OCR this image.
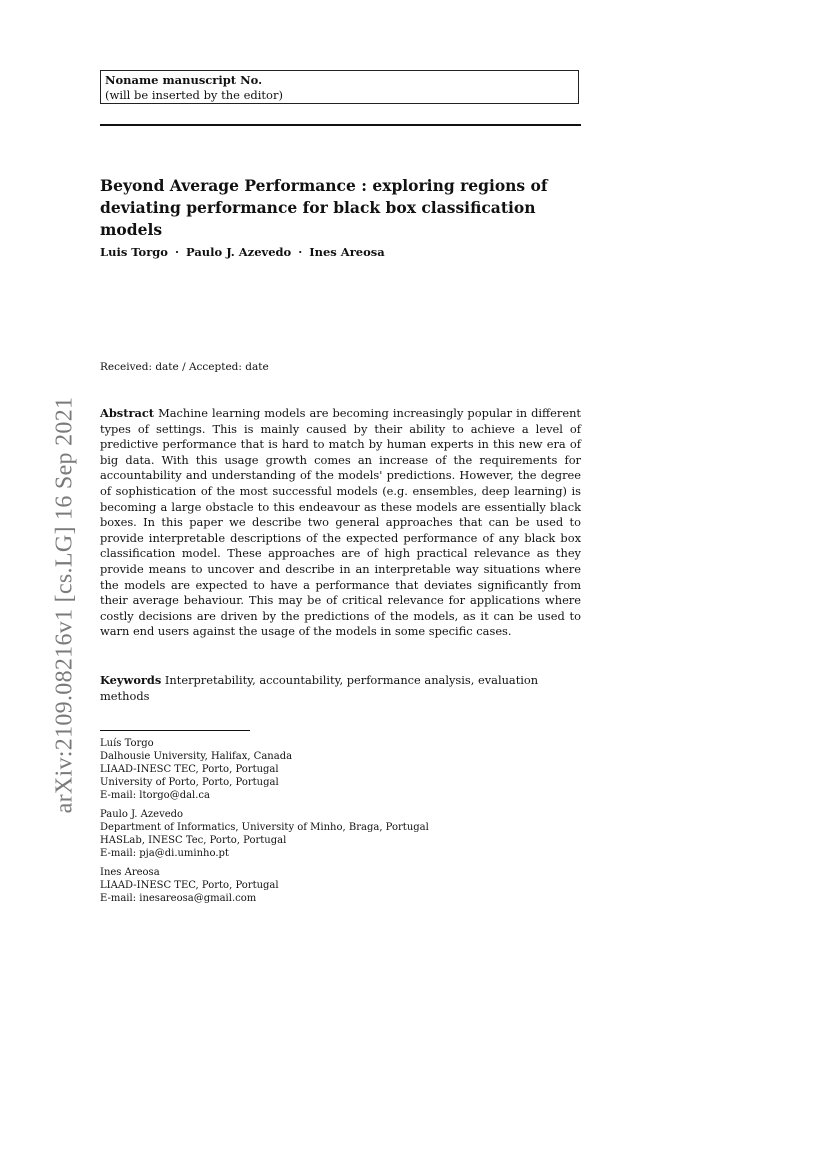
Noname manuscript No.
(will be inserted by the editor)
Beyond Average Performance : exploring regions of deviating performance for black box classification models
Luis Torgo · Paulo J. Azevedo · Ines Areosa
Received: date / Accepted: date
Abstract Machine learning models are becoming increasingly popular in different types of settings. This is mainly caused by their ability to achieve a level of predictive performance that is hard to match by human experts in this new era of big data. With this usage growth comes an increase of the requirements for accountability and understanding of the models' predictions. However, the degree of sophistication of the most successful models (e.g. ensembles, deep learning) is becoming a large obstacle to this endeavour as these models are essentially black boxes. In this paper we describe two general approaches that can be used to provide interpretable descriptions of the expected performance of any black box classification model. These approaches are of high practical relevance as they provide means to uncover and describe in an interpretable way situations where the models are expected to have a performance that deviates significantly from their average behaviour. This may be of critical relevance for applications where costly decisions are driven by the predictions of the models, as it can be used to warn end users against the usage of the models in some specific cases.
Keywords Interpretability, accountability, performance analysis, evaluation methods
Luís Torgo
Dalhousie University, Halifax, Canada
LIAAD-INESC TEC, Porto, Portugal
University of Porto, Porto, Portugal
E-mail: ltorgo@dal.ca
Paulo J. Azevedo
Department of Informatics, University of Minho, Braga, Portugal
HASLab, INESC Tec, Porto, Portugal
E-mail: pja@di.uminho.pt
Ines Areosa
LIAAD-INESC TEC, Porto, Portugal
E-mail: inesareosa@gmail.com
arXiv:2109.08216v1 [cs.LG] 16 Sep 2021
